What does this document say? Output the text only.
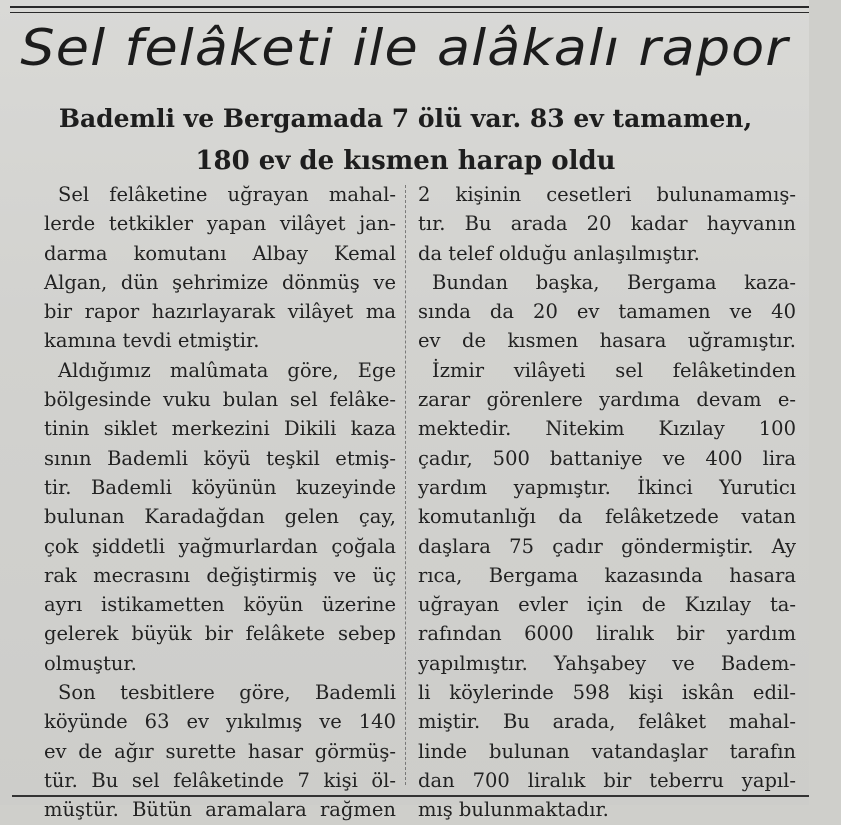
Sel felâketi ile alâkalı rapor
Bademli ve Bergamada 7 ölü var. 83 ev tamamen,
180 ev de kısmen harap oldu
Sel felâketine uğrayan mahal-
lerde tetkikler yapan vilâyet jan-
darma komutanı Albay Kemal
Algan, dün şehrimize dönmüş ve
bir rapor hazırlayarak vilâyet ma
kamına tevdi etmiştir.
Aldığımız malûmata göre, Ege
bölgesinde vuku bulan sel felâke-
tinin siklet merkezini Dikili kaza
sının Bademli köyü teşkil etmiş-
tir. Bademli köyünün kuzeyinde
bulunan Karadağdan gelen çay,
çok şiddetli yağmurlardan çoğala
rak mecrasını değiştirmiş ve üç
ayrı istikametten köyün üzerine
gelerek büyük bir felâkete sebep
olmuştur.
Son tesbitlere göre, Bademli
köyünde 63 ev yıkılmış ve 140
ev de ağır surette hasar görmüş-
tür. Bu sel felâketinde 7 kişi öl-
müştür. Bütün aramalara rağmen
2 kişinin cesetleri bulunamamış-
tır. Bu arada 20 kadar hayvanın
da telef olduğu anlaşılmıştır.
Bundan başka, Bergama kaza-
sında da 20 ev tamamen ve 40
ev de kısmen hasara uğramıştır.
İzmir vilâyeti sel felâketinden
zarar görenlere yardıma devam e-
mektedir. Nitekim Kızılay 100
çadır, 500 battaniye ve 400 lira
yardım yapmıştır. İkinci Yuruticı
komutanlığı da felâketzede vatan
daşlara 75 çadır göndermiştir. Ay
rıca, Bergama kazasında hasara
uğrayan evler için de Kızılay ta-
rafından 6000 liralık bir yardım
yapılmıştır. Yahşabey ve Badem-
li köylerinde 598 kişi iskân edil-
miştir. Bu arada, felâket mahal-
linde bulunan vatandaşlar tarafın
dan 700 liralık bir teberru yapıl-
mış bulunmaktadır.
